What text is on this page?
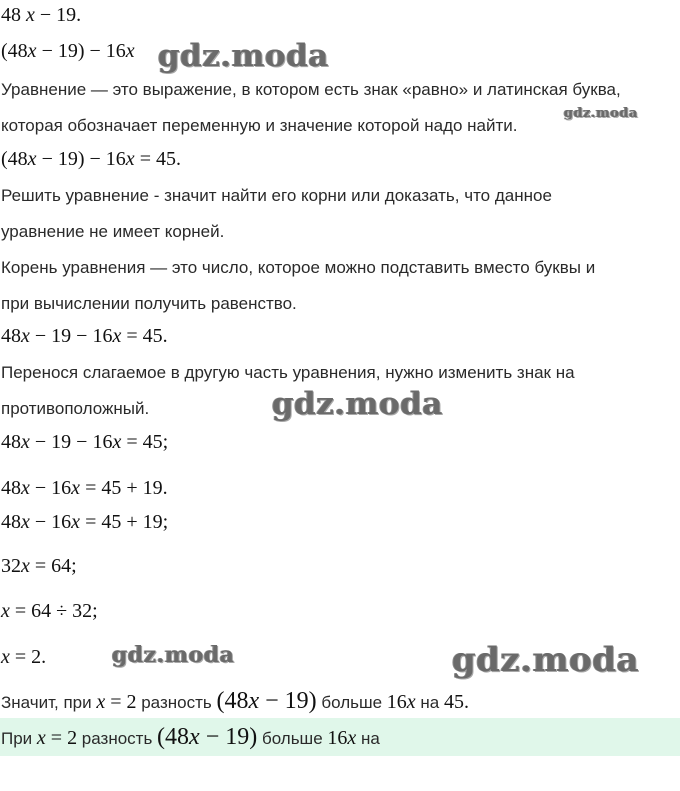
48 x − 19.
(48x − 19) − 16x
Уравнение — это выражение, в котором есть знак «равно» и латинская буква,
которая обозначает переменную и значение которой надо найти.
(48x − 19) − 16x = 45.
Решить уравнение - значит найти его корни или доказать, что данное
уравнение не имеет корней.
Корень уравнения — это число, которое можно подставить вместо буквы и
при вычислении получить равенство.
48x − 19 − 16x = 45.
Перенося слагаемое в другую часть уравнения, нужно изменить знак на
противоположный.
48x − 19 − 16x = 45;
48x − 16x = 45 + 19.
48x − 16x = 45 + 19;
32x = 64;
x = 64 ÷ 32;
x = 2.
Значит, при x = 2 разность (48x − 19) больше 16x на 45.
При x = 2 разность (48x − 19) больше 16x на
gdz.moda
gdz.moda
gdz.moda
gdz.moda	gdz.moda
